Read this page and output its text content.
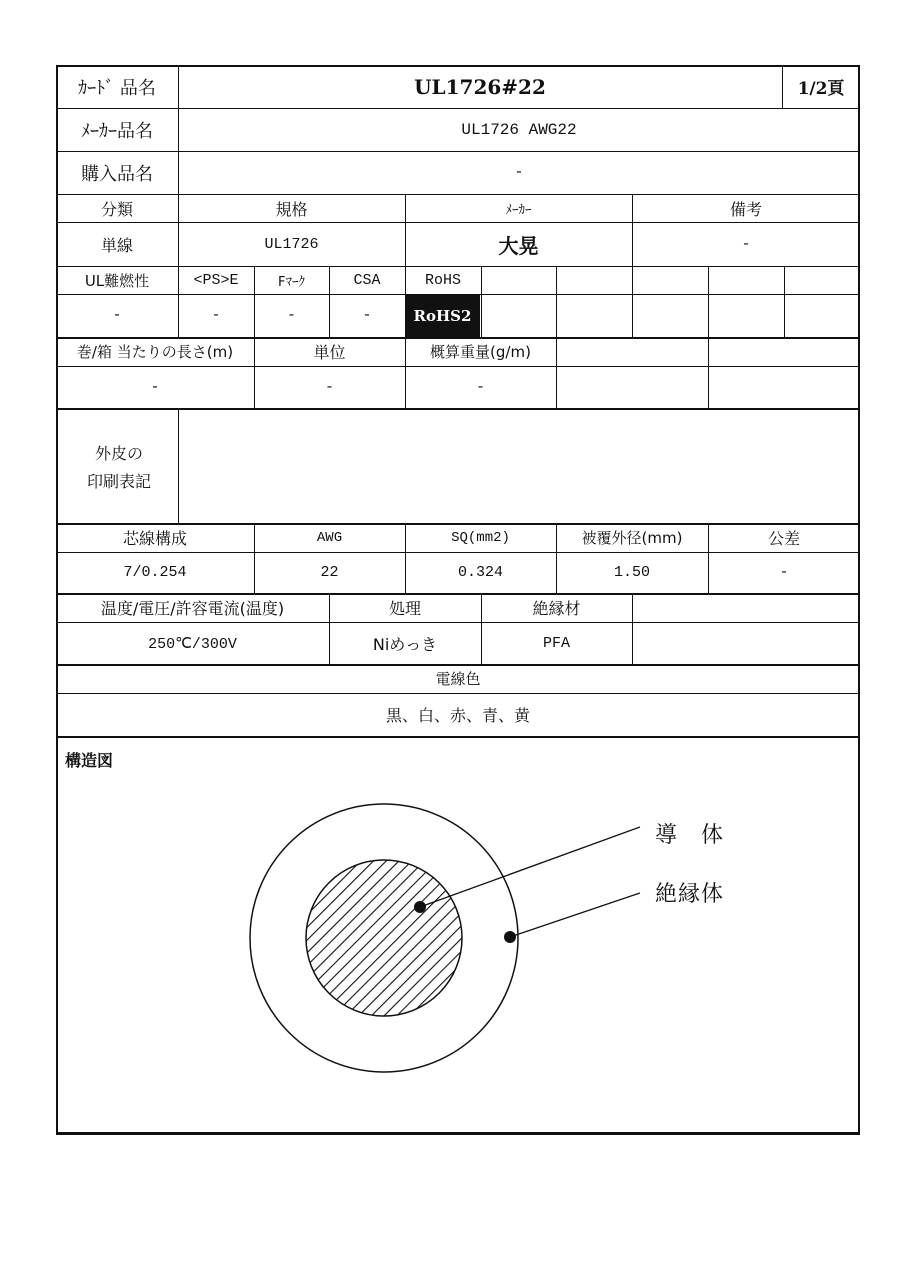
ｶｰﾄﾞ 品名	UL1726#22	1/2頁
ﾒｰｶｰ品名	UL1726 AWG22
購入品名	-
分類	規格	ﾒｰｶｰ	備考
単線	UL1726	大晃	-
UL難燃性	<PS>E	Fﾏｰｸ	CSA	RoHS
-	-	-	-	RoHS2
巻/箱 当たりの長さ(m)	単位	概算重量(g/m)
-	-	-
外皮の
印刷表記
芯線構成	AWG	SQ(mm2)	被覆外径(mm)	公差
7/0.254	22	0.324	1.50	-
温度/電圧/許容電流(温度)	処理	絶縁材
250℃/300V	Niめっき	PFA
電線色
黒、白、赤、青、黄
構造図
導　体
絶縁体
